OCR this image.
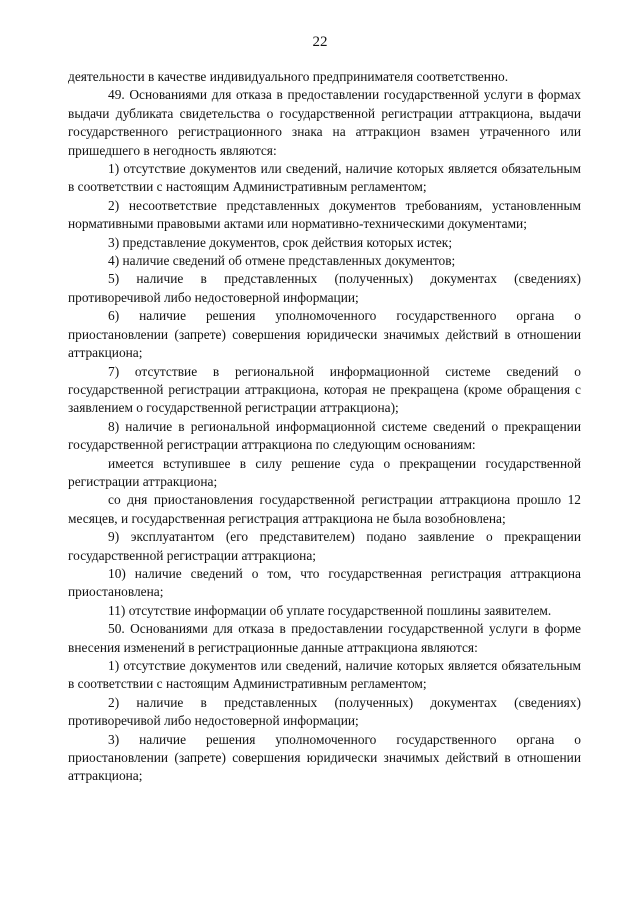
22

деятельности в качестве индивидуального предпринимателя соответственно.

49. Основаниями для отказа в предоставлении государственной услуги в формах выдачи дубликата свидетельства о государственной регистрации аттракциона, выдачи государственного регистрационного знака на аттракцион взамен утраченного или пришедшего в негодность являются:

1) отсутствие документов или сведений, наличие которых является обязательным в соответствии с настоящим Административным регламентом;

2) несоответствие представленных документов требованиям, установленным нормативными правовыми актами или нормативно-техническими документами;

3) представление документов, срок действия которых истек;

4) наличие сведений об отмене представленных документов;

5) наличие в представленных (полученных) документах (сведениях) противоречивой либо недостоверной информации;

6) наличие решения уполномоченного государственного органа о приостановлении (запрете) совершения юридически значимых действий в отношении аттракциона;

7) отсутствие в региональной информационной системе сведений о государственной регистрации аттракциона, которая не прекращена (кроме обращения с заявлением о государственной регистрации аттракциона);

8) наличие в региональной информационной системе сведений о прекращении государственной регистрации аттракциона по следующим основаниям:

имеется вступившее в силу решение суда о прекращении государственной регистрации аттракциона;

со дня приостановления государственной регистрации аттракциона прошло 12 месяцев, и государственная регистрация аттракциона не была возобновлена;

9) эксплуатантом (его представителем) подано заявление о прекращении государственной регистрации аттракциона;

10) наличие сведений о том, что государственная регистрация аттракциона приостановлена;

11) отсутствие информации об уплате государственной пошлины заявителем.

50. Основаниями для отказа в предоставлении государственной услуги в форме внесения изменений в регистрационные данные аттракциона являются:

1) отсутствие документов или сведений, наличие которых является обязательным в соответствии с настоящим Административным регламентом;

2) наличие в представленных (полученных) документах (сведениях) противоречивой либо недостоверной информации;

3) наличие решения уполномоченного государственного органа о приостановлении (запрете) совершения юридически значимых действий в отношении аттракциона;
